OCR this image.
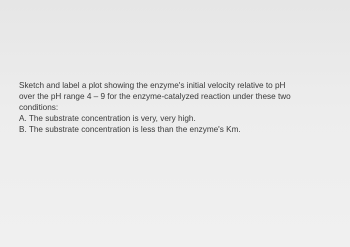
Sketch and label a plot showing the enzyme's initial velocity relative to pH
over the pH range 4 – 9 for the enzyme-catalyzed reaction under these two
conditions:

A. The substrate concentration is very, very high.

B. The substrate concentration is less than the enzyme's Km.
